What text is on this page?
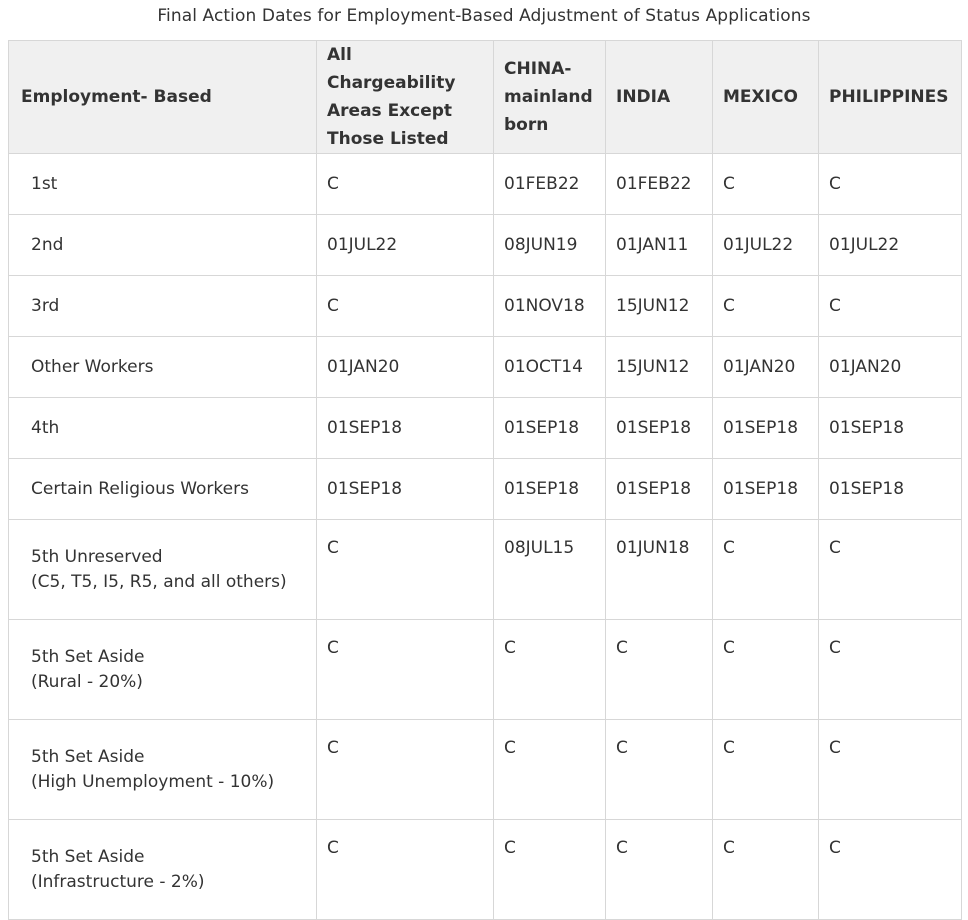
Final Action Dates for Employment-Based Adjustment of Status Applications
Employment- Based	All Chargeability Areas Except Those Listed	CHINA-mainland born	INDIA	MEXICO	PHILIPPINES

1st	C	01FEB22	01FEB22	C	C

2nd	01JUL22	08JUN19	01JAN11	01JUL22	01JUL22

3rd	C	01NOV18	15JUN12	C	C

Other Workers	01JAN20	01OCT14	15JUN12	01JAN20	01JAN20

4th	01SEP18	01SEP18	01SEP18	01SEP18	01SEP18

Certain Religious Workers	01SEP18	01SEP18	01SEP18	01SEP18	01SEP18

5th Unreserved
(C5, T5, I5, R5, and all others)	C	08JUL15	01JUN18	C	C

5th Set Aside
(Rural - 20%)	C	C	C	C	C

5th Set Aside
(High Unemployment - 10%)	C	C	C	C	C

5th Set Aside
(Infrastructure - 2%)	C	C	C	C	C
